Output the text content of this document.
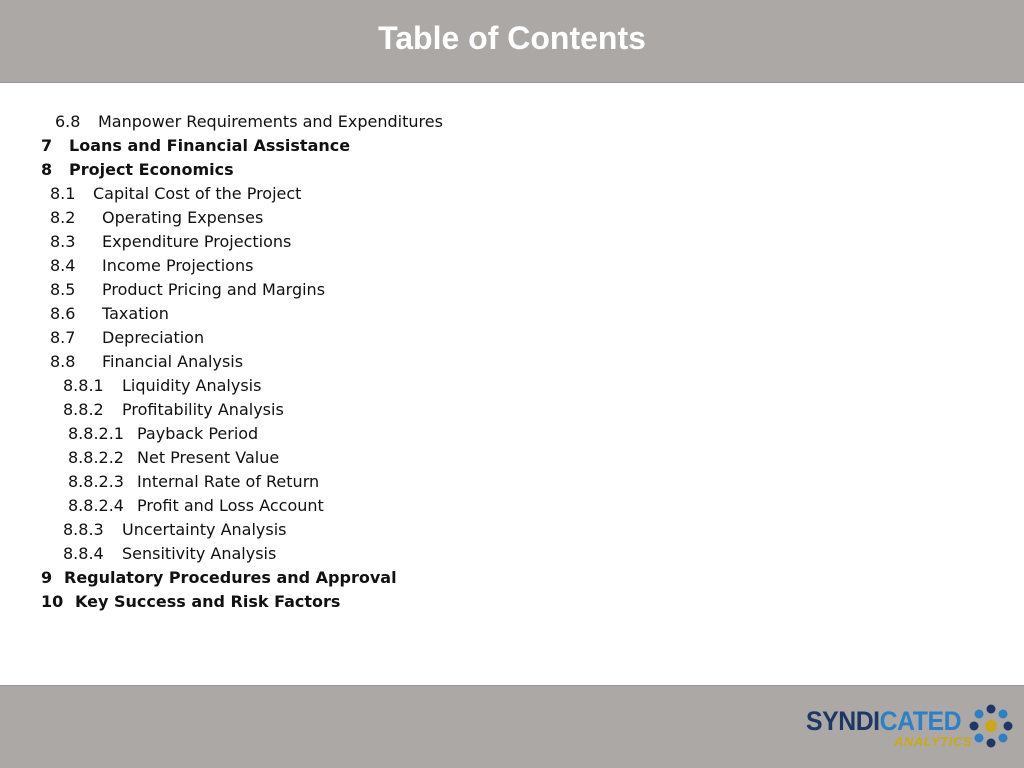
Table of Contents
6.8 Manpower Requirements and Expenditures
7 Loans and Financial Assistance
8 Project Economics
8.1 Capital Cost of the Project
8.2 Operating Expenses
8.3 Expenditure Projections
8.4 Income Projections
8.5 Product Pricing and Margins
8.6 Taxation
8.7 Depreciation
8.8 Financial Analysis
8.8.1 Liquidity Analysis
8.8.2 Profitability Analysis
8.8.2.1 Payback Period
8.8.2.2 Net Present Value
8.8.2.3 Internal Rate of Return
8.8.2.4 Profit and Loss Account
8.8.3 Uncertainty Analysis
8.8.4 Sensitivity Analysis
9 Regulatory Procedures and Approval
10 Key Success and Risk Factors
SYNDICATED
ANALYTICS
